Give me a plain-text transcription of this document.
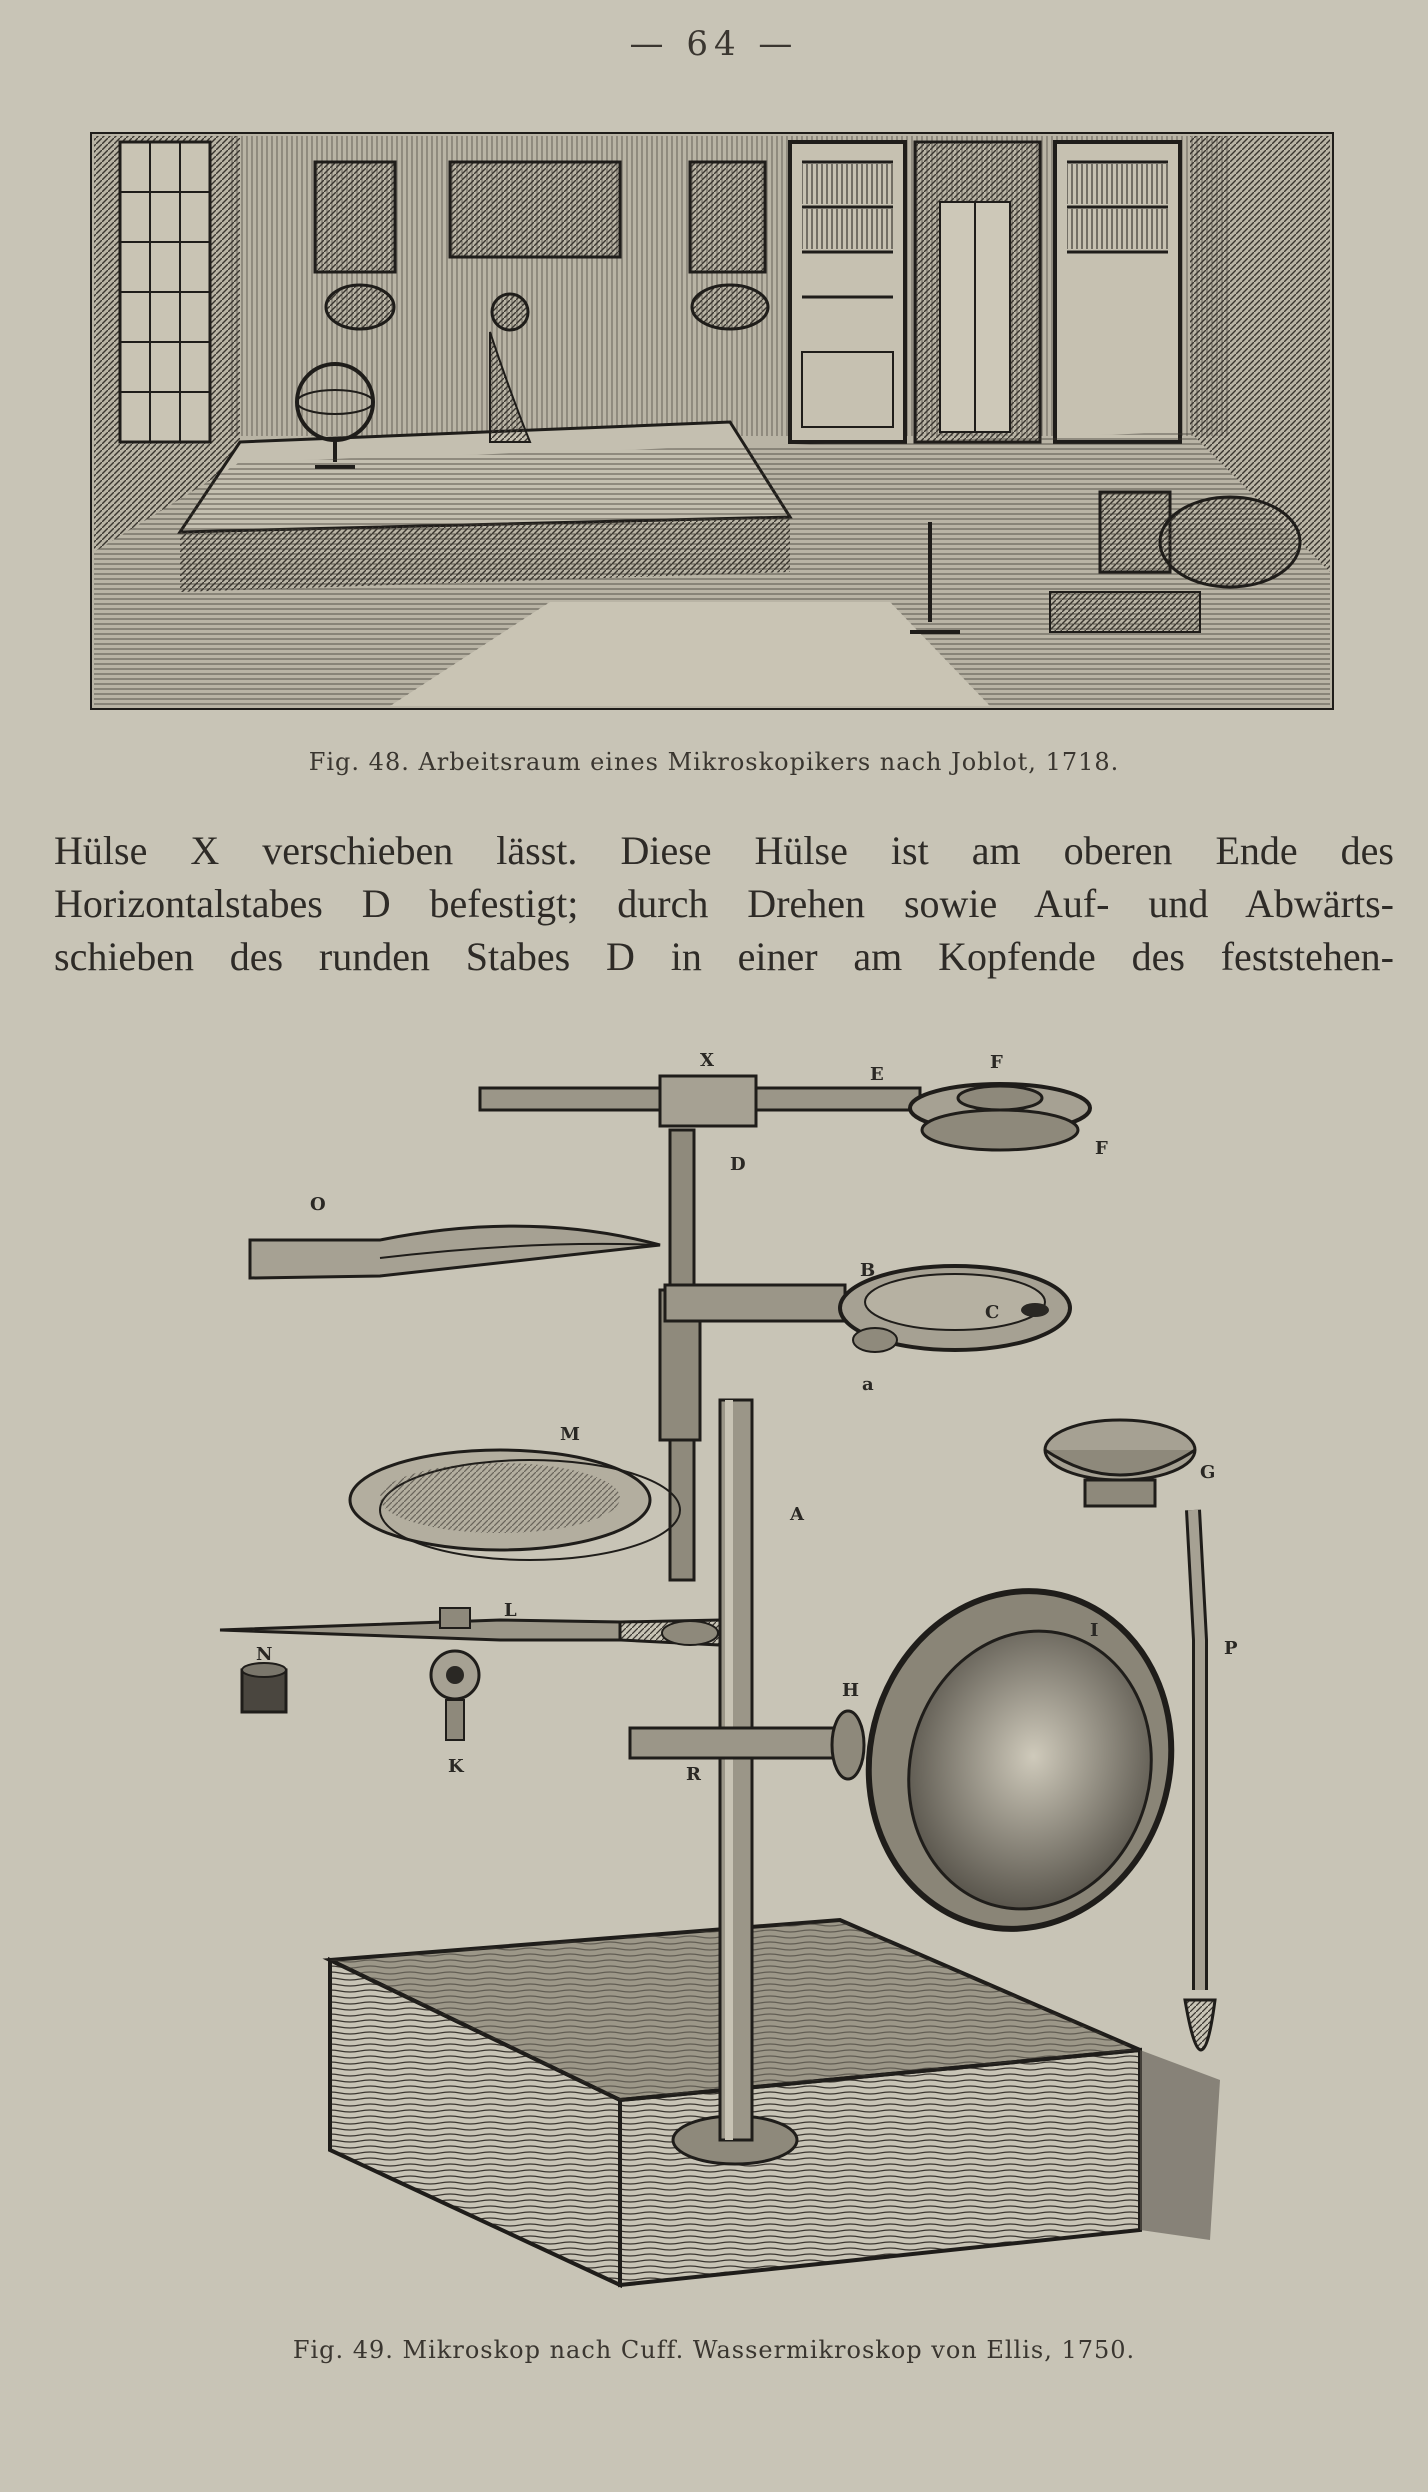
— 64 —
Fig. 48. Arbeitsraum eines Mikroskopikers nach Joblot, 1718.
Hülse X verschieben lässt. Diese Hülse ist am oberen Ende des
Horizontalstabes D befestigt; durch Drehen sowie Auf- und Abwärts-
schieben des runden Stabes D in einer am Kopfende des feststehen-
X
E
F
F
D
O
B
C
a
M
G
A
L
I
P
N
H
K	R
Fig. 49. Mikroskop nach Cuff. Wassermikroskop von Ellis, 1750.
